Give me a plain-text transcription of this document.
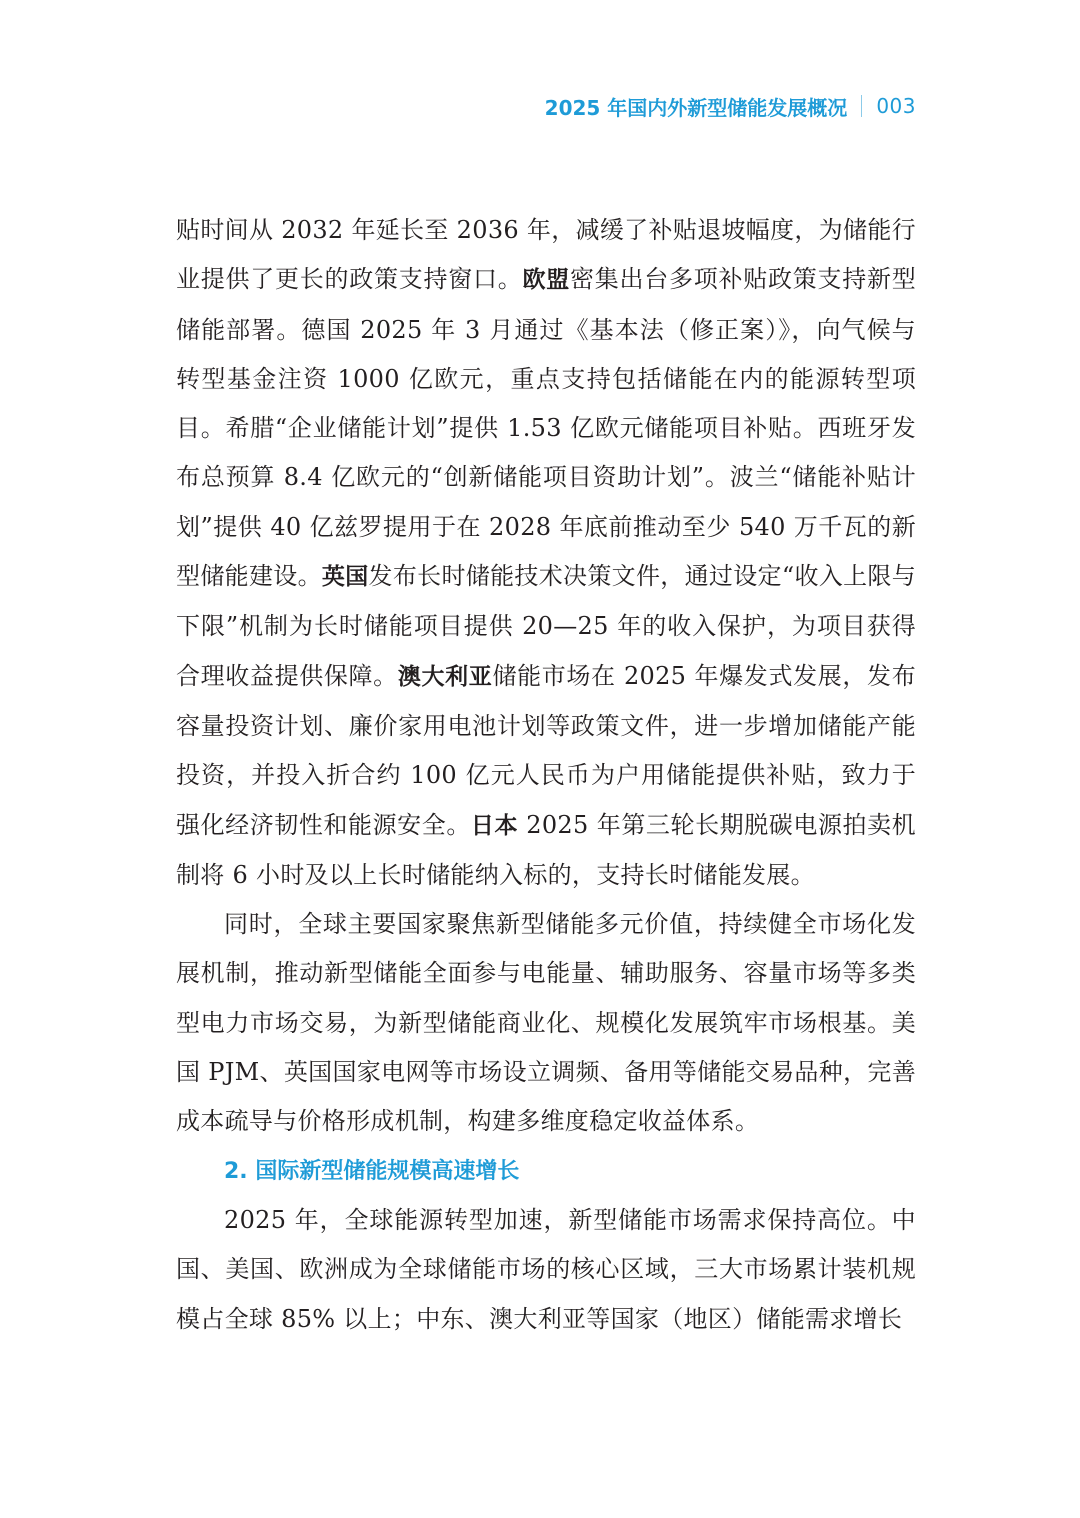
2025 年国内外新型储能发展概况 003

贴时间从 2032 年延长至 2036 年，减缓了补贴退坡幅度，为储能行业提供了更长的政策支持窗口。欧盟密集出台多项补贴政策支持新型储能部署。德国 2025 年 3 月通过《基本法（修正案）》，向气候与转型基金注资 1000 亿欧元，重点支持包括储能在内的能源转型项目。希腊“企业储能计划”提供 1.53 亿欧元储能项目补贴。西班牙发布总预算 8.4 亿欧元的“创新储能项目资助计划”。波兰“储能补贴计划”提供 40 亿兹罗提用于在 2028 年底前推动至少 540 万千瓦的新型储能建设。英国发布长时储能技术决策文件，通过设定“收入上限与下限”机制为长时储能项目提供 20—25 年的收入保护，为项目获得合理收益提供保障。澳大利亚储能市场在 2025 年爆发式发展，发布容量投资计划、廉价家用电池计划等政策文件，进一步增加储能产能投资，并投入折合约 100 亿元人民币为户用储能提供补贴，致力于强化经济韧性和能源安全。日本 2025 年第三轮长期脱碳电源拍卖机制将 6 小时及以上长时储能纳入标的，支持长时储能发展。

同时，全球主要国家聚焦新型储能多元价值，持续健全市场化发展机制，推动新型储能全面参与电能量、辅助服务、容量市场等多类型电力市场交易，为新型储能商业化、规模化发展筑牢市场根基。美国 PJM、英国国家电网等市场设立调频、备用等储能交易品种，完善成本疏导与价格形成机制，构建多维度稳定收益体系。

2. 国际新型储能规模高速增长

2025 年，全球能源转型加速，新型储能市场需求保持高位。中国、美国、欧洲成为全球储能市场的核心区域，三大市场累计装机规模占全球 85% 以上；中东、澳大利亚等国家（地区）储能需求增长
